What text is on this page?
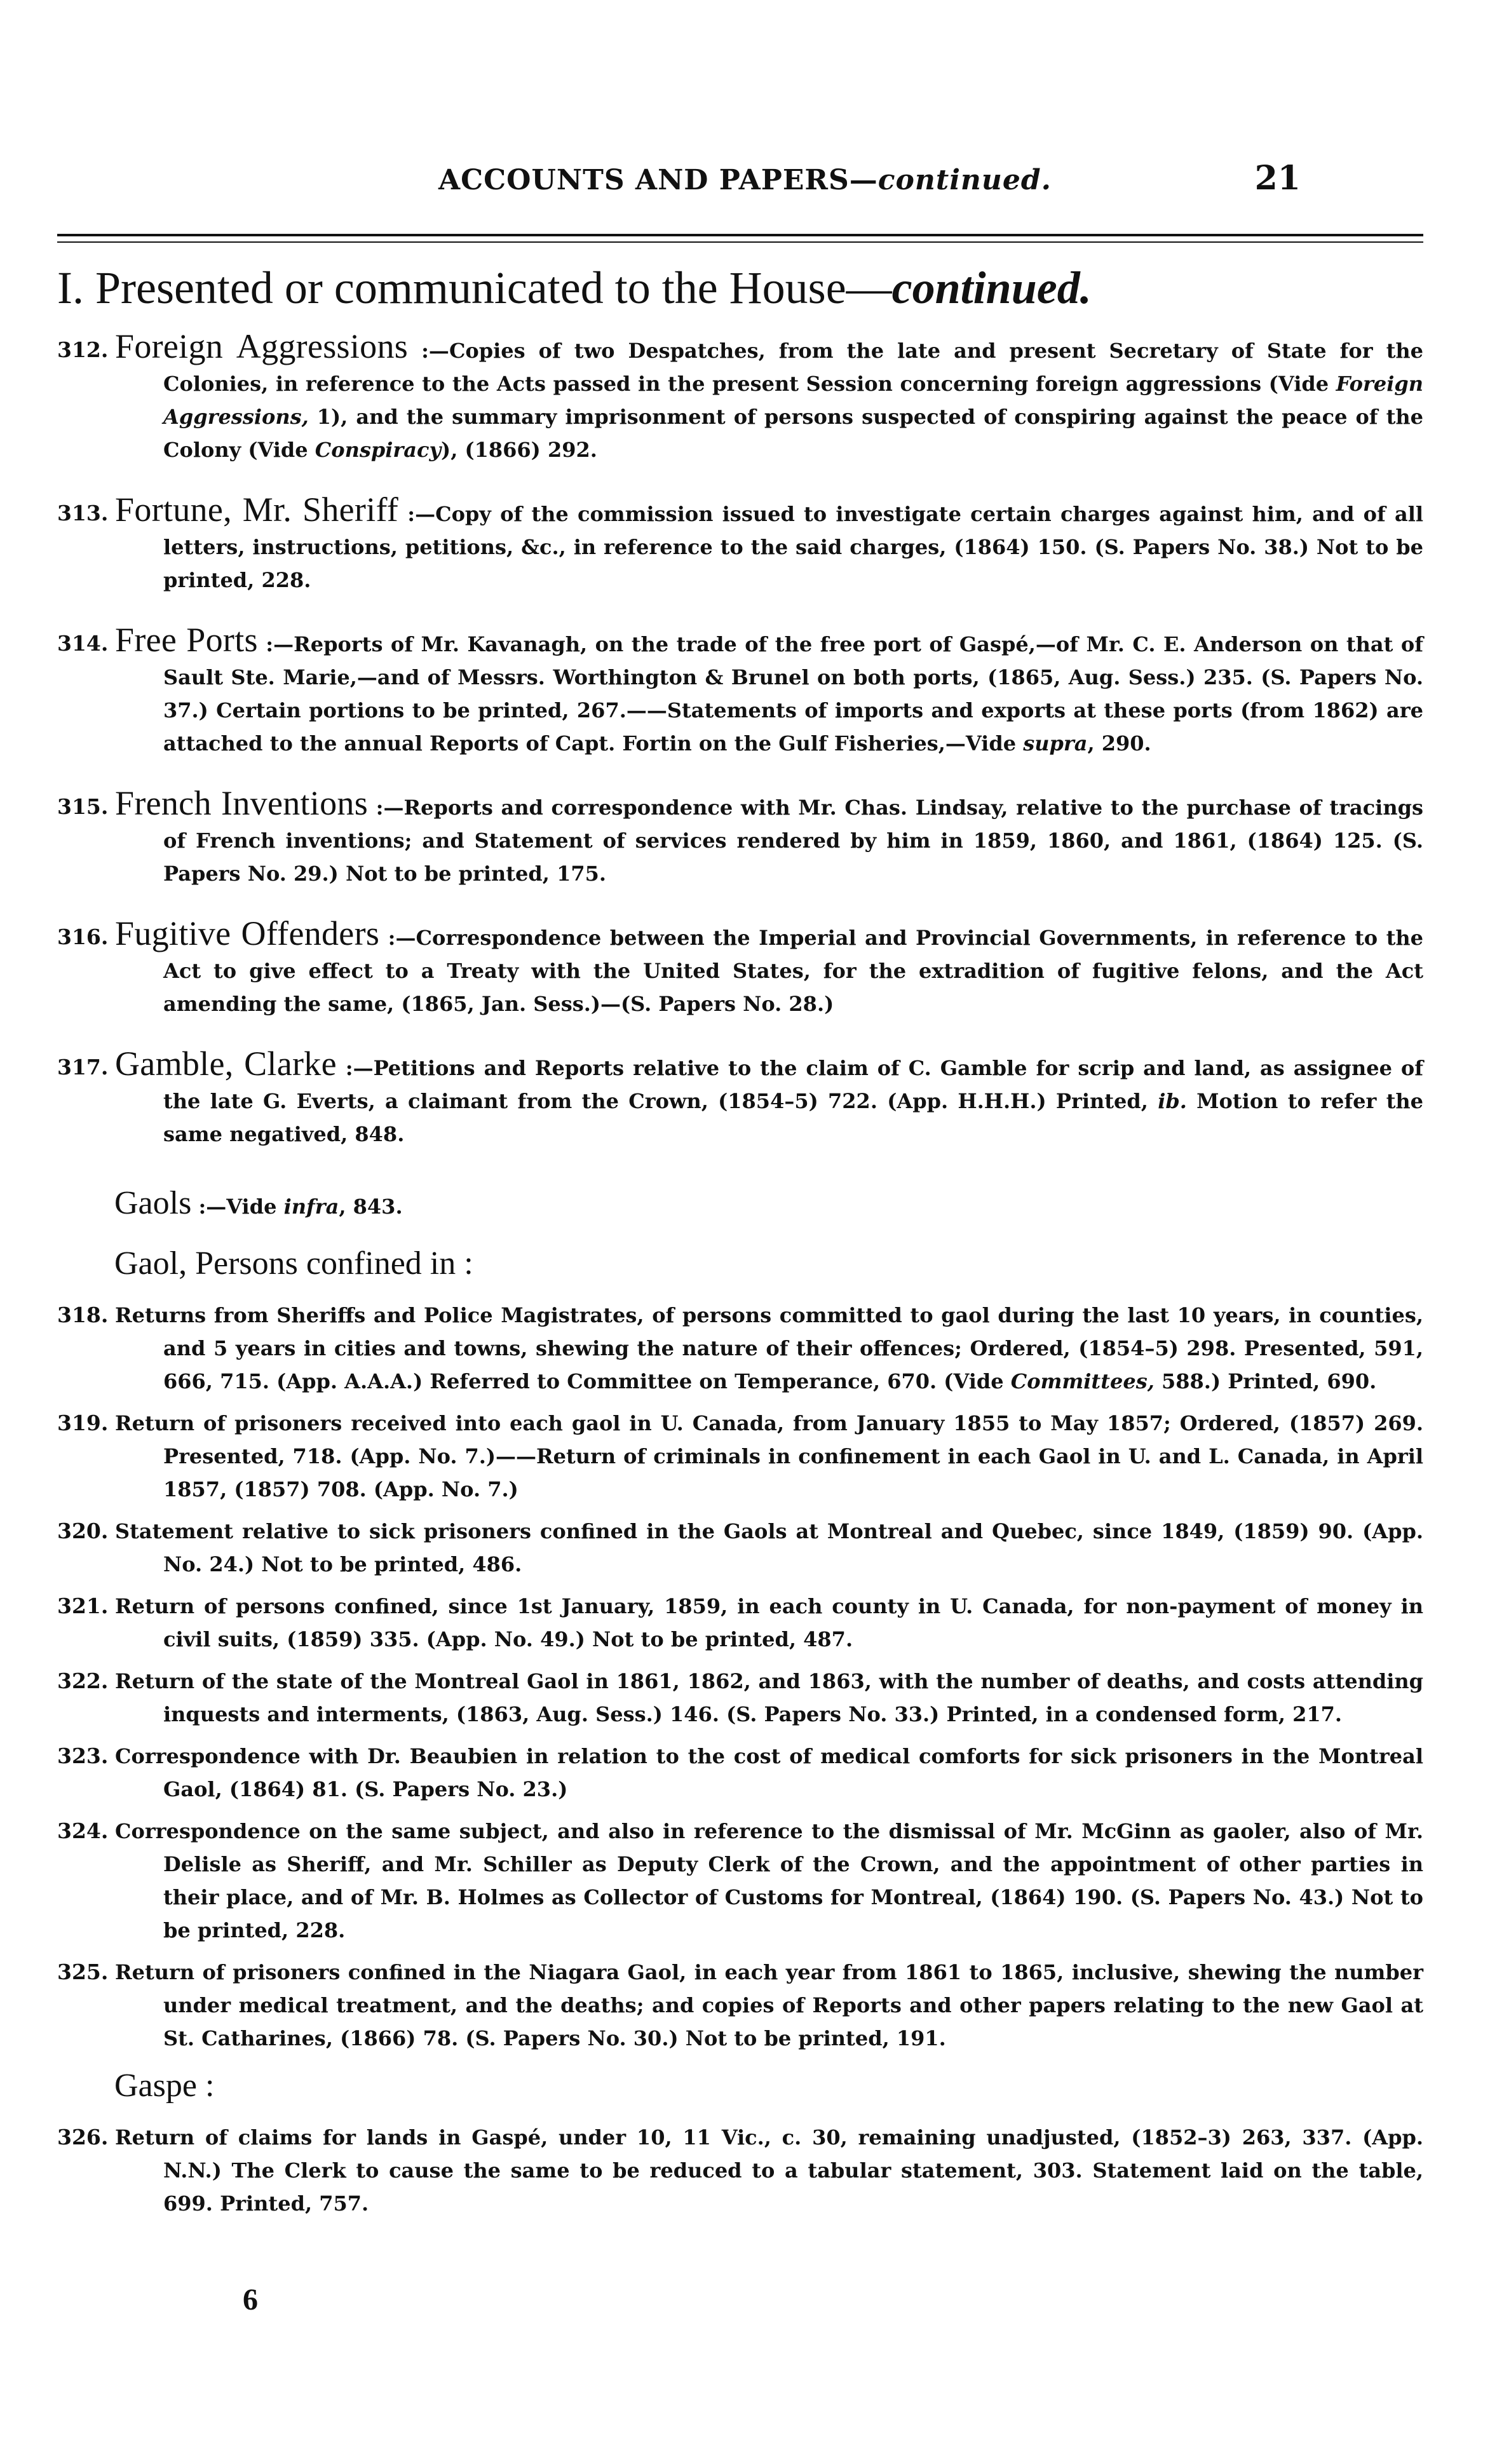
ACCOUNTS AND PAPERS—continued.	21
I. Presented or communicated to the House—continued.
312. Foreign Aggressions :—Copies of two Despatches, from the late and present Secretary of State for the Colonies, in reference to the Acts passed in the present Session concerning foreign aggressions (Vide Foreign Aggressions, 1), and the summary imprisonment of persons suspected of conspiring against the peace of the Colony (Vide Conspiracy), (1866) 292.
313. Fortune, Mr. Sheriff :—Copy of the commission issued to investigate certain charges against him, and of all letters, instructions, petitions, &c., in reference to the said charges, (1864) 150. (S. Papers No. 38.) Not to be printed, 228.
314. Free Ports :—Reports of Mr. Kavanagh, on the trade of the free port of Gaspé,—of Mr. C. E. Anderson on that of Sault Ste. Marie,—and of Messrs. Worthington & Brunel on both ports, (1865, Aug. Sess.) 235. (S. Papers No. 37.) Certain portions to be printed, 267.——Statements of imports and exports at these ports (from 1862) are attached to the annual Reports of Capt. Fortin on the Gulf Fisheries,—Vide supra, 290.
315. French Inventions :—Reports and correspondence with Mr. Chas. Lindsay, relative to the purchase of tracings of French inventions; and Statement of services rendered by him in 1859, 1860, and 1861, (1864) 125. (S. Papers No. 29.) Not to be printed, 175.
316. Fugitive Offenders :—Correspondence between the Imperial and Provincial Governments, in reference to the Act to give effect to a Treaty with the United States, for the extradition of fugitive felons, and the Act amending the same, (1865, Jan. Sess.)—(S. Papers No. 28.)
317. Gamble, Clarke :—Petitions and Reports relative to the claim of C. Gamble for scrip and land, as assignee of the late G. Everts, a claimant from the Crown, (1854–5) 722. (App. H.H.H.) Printed, ib. Motion to refer the same negatived, 848.
Gaols :—Vide infra, 843.
Gaol, Persons confined in :
318. Returns from Sheriffs and Police Magistrates, of persons committed to gaol during the last 10 years, in counties, and 5 years in cities and towns, shewing the nature of their offences; Ordered, (1854–5) 298. Presented, 591, 666, 715. (App. A.A.A.) Referred to Committee on Temperance, 670. (Vide Committees, 588.) Printed, 690.
319. Return of prisoners received into each gaol in U. Canada, from January 1855 to May 1857; Ordered, (1857) 269. Presented, 718. (App. No. 7.)——Return of criminals in confinement in each Gaol in U. and L. Canada, in April 1857, (1857) 708. (App. No. 7.)
320. Statement relative to sick prisoners confined in the Gaols at Montreal and Quebec, since 1849, (1859) 90. (App. No. 24.) Not to be printed, 486.
321. Return of persons confined, since 1st January, 1859, in each county in U. Canada, for non-payment of money in civil suits, (1859) 335. (App. No. 49.) Not to be printed, 487.
322. Return of the state of the Montreal Gaol in 1861, 1862, and 1863, with the number of deaths, and costs attending inquests and interments, (1863, Aug. Sess.) 146. (S. Papers No. 33.) Printed, in a condensed form, 217.
323. Correspondence with Dr. Beaubien in relation to the cost of medical comforts for sick prisoners in the Montreal Gaol, (1864) 81. (S. Papers No. 23.)
324. Correspondence on the same subject, and also in reference to the dismissal of Mr. McGinn as gaoler, also of Mr. Delisle as Sheriff, and Mr. Schiller as Deputy Clerk of the Crown, and the appointment of other parties in their place, and of Mr. B. Holmes as Collector of Customs for Montreal, (1864) 190. (S. Papers No. 43.) Not to be printed, 228.
325. Return of prisoners confined in the Niagara Gaol, in each year from 1861 to 1865, inclusive, shewing the number under medical treatment, and the deaths; and copies of Reports and other papers relating to the new Gaol at St. Catharines, (1866) 78. (S. Papers No. 30.) Not to be printed, 191.
Gaspe :
326. Return of claims for lands in Gaspé, under 10, 11 Vic., c. 30, remaining unadjusted, (1852–3) 263, 337. (App. N.N.) The Clerk to cause the same to be reduced to a tabular statement, 303. Statement laid on the table, 699. Printed, 757.
6
